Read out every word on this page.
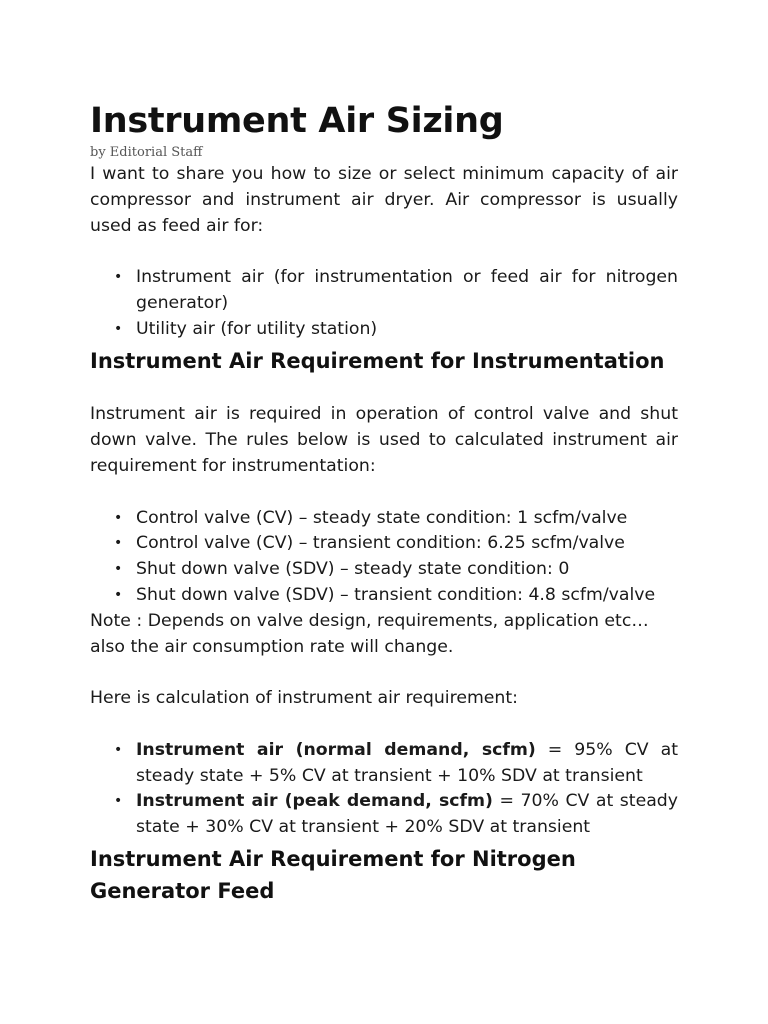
Instrument Air Sizing

by Editorial Staff

I want to share you how to size or select minimum capacity of air compressor and instrument air dryer. Air compressor is usually used as feed air for:

• Instrument air (for instrumentation or feed air for nitrogen generator)
• Utility air (for utility station)
Instrument Air Requirement for Instrumentation

Instrument air is required in operation of control valve and shut down valve. The rules below is used to calculated instrument air requirement for instrumentation:

• Control valve (CV) – steady state condition: 1 scfm/valve
• Control valve (CV) – transient condition: 6.25 scfm/valve
• Shut down valve (SDV) – steady state condition: 0
• Shut down valve (SDV) – transient condition: 4.8 scfm/valve

Note : Depends on valve design, requirements, application etc… also the air consumption rate will change.

Here is calculation of instrument air requirement:

• Instrument air (normal demand, scfm) = 95% CV at steady state + 5% CV at transient + 10% SDV at transient
• Instrument air (peak demand, scfm) = 70% CV at steady state + 30% CV at transient + 20% SDV at transient
Instrument Air Requirement for Nitrogen Generator Feed
